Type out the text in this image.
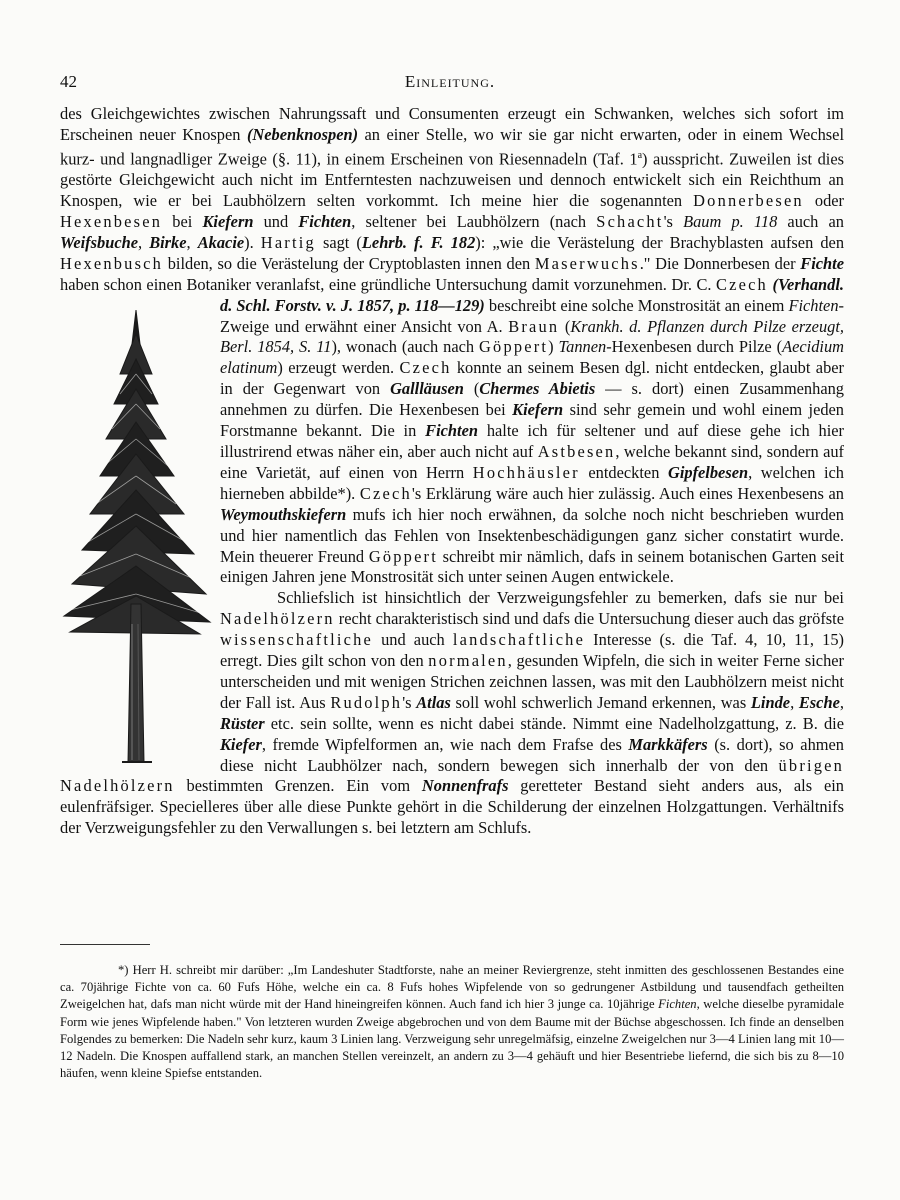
42	Einleitung.

des Gleichgewichtes zwischen Nahrungssaft und Consumenten erzeugt ein Schwanken, welches sich sofort im Erscheinen neuer Knospen (Nebenknospen) an einer Stelle, wo wir sie gar nicht erwarten, oder in einem Wechsel kurz- und langnadliger Zweige (§. 11), in einem Erscheinen von Riesennadeln (Taf. 1$^a$) ausspricht. Zuweilen ist dies gestörte Gleichgewicht auch nicht im Entferntesten nachzuweisen und dennoch entwickelt sich ein Reichthum an Knospen, wie er bei Laubhölzern selten vorkommt. Ich meine hier die sogenannten Donnerbesen oder Hexenbesen bei Kiefern und Fichten, seltener bei Laubhölzern (nach Schacht's Baum p. 118 auch an Weifsbuche, Birke, Akacie). Hartig sagt (Lehrb. f. F. 182): „wie die Verästelung der Brachyblasten aufsen den Hexenbusch bilden, so die Verästelung der Cryptoblasten innen den Maserwuchs." Die Donnerbesen der Fichte haben schon einen Botaniker veranlafst, eine gründliche Untersuchung damit vorzunehmen. Dr. C. Czech (Verhandl. d. Schl. Forstv. v. J. 1857, p. 118—129) beschreibt eine solche Monstrosität an einem Fichten-Zweige und erwähnt einer Ansicht von A. Braun (Krankh. d. Pflanzen durch Pilze erzeugt, Berl. 1854, S. 11), wonach (auch nach Göppert) Tannen-Hexenbesen durch Pilze (Aecidium elatinum) erzeugt werden. Czech konnte an seinem Besen dgl. nicht entdecken, glaubt aber in der Gegenwart von Gallläusen (Chermes Abietis — s. dort) einen Zusammenhang annehmen zu dürfen. Die Hexenbesen bei Kiefern sind sehr gemein und wohl einem jeden Forstmanne bekannt. Die in Fichten halte ich für seltener und auf diese gehe ich hier illustrirend etwas näher ein, aber auch nicht auf Astbesen, welche bekannt sind, sondern auf eine Varietät, auf einen von Herrn Hochhäusler entdeckten Gipfelbesen, welchen ich hierneben abbilde*). Czech's Erklärung wäre auch hier zulässig. Auch eines Hexenbesens an Weymouthskiefern mufs ich hier noch erwähnen, da solche noch nicht beschrieben wurden und hier namentlich das Fehlen von Insektenbeschädigungen ganz sicher constatirt wurde. Mein theuerer Freund Göppert schreibt mir nämlich, dafs in seinem botanischen Garten seit einigen Jahren jene Monstrosität sich unter seinen Augen entwickele.

Schliefslich ist hinsichtlich der Verzweigungsfehler zu bemerken, dafs sie nur bei Nadelhölzern recht charakteristisch sind und dafs die Untersuchung dieser auch das gröfste wissenschaftliche und auch landschaftliche Interesse (s. die Taf. 4, 10, 11, 15) erregt. Dies gilt schon von den normalen, gesunden Wipfeln, die sich in weiter Ferne sicher unterscheiden und mit wenigen Strichen zeichnen lassen, was mit den Laubhölzern meist nicht der Fall ist. Aus Rudolph's Atlas soll wohl schwerlich Jemand erkennen, was Linde, Esche, Rüster etc. sein sollte, wenn es nicht dabei stände. Nimmt eine Nadelholzgattung, z. B. die Kiefer, fremde Wipfelformen an, wie nach dem Frafse des Markkäfers (s. dort), so ahmen diese nicht Laubhölzer nach, sondern bewegen sich innerhalb der von den übrigen Nadelhölzern bestimmten Grenzen. Ein vom Nonnenfrafs geretteter Bestand sieht anders aus, als ein eulenfräfsiger. Specielleres über alle diese Punkte gehört in die Schilderung der einzelnen Holzgattungen. Verhältnifs der Verzweigungsfehler zu den Verwallungen s. bei letztern am Schlufs.

*) Herr H. schreibt mir darüber: „Im Landeshuter Stadtforste, nahe an meiner Reviergrenze, steht inmitten des geschlossenen Bestandes eine ca. 70jährige Fichte von ca. 60 Fufs Höhe, welche ein ca. 8 Fufs hohes Wipfelende von so gedrungener Astbildung und tausendfach getheilten Zweigelchen hat, dafs man nicht würde mit der Hand hineingreifen können. Auch fand ich hier 3 junge ca. 10jährige Fichten, welche dieselbe pyramidale Form wie jenes Wipfelende haben." Von letzteren wurden Zweige abgebrochen und von dem Baume mit der Büchse abgeschossen. Ich finde an denselben Folgendes zu bemerken: Die Nadeln sehr kurz, kaum 3 Linien lang. Verzweigung sehr unregelmäfsig, einzelne Zweigelchen nur 3—4 Linien lang mit 10—12 Nadeln. Die Knospen auffallend stark, an manchen Stellen vereinzelt, an andern zu 3—4 gehäuft und hier Besentriebe liefernd, die sich bis zu 8—10 häufen, wenn kleine Spiefse entstanden.
